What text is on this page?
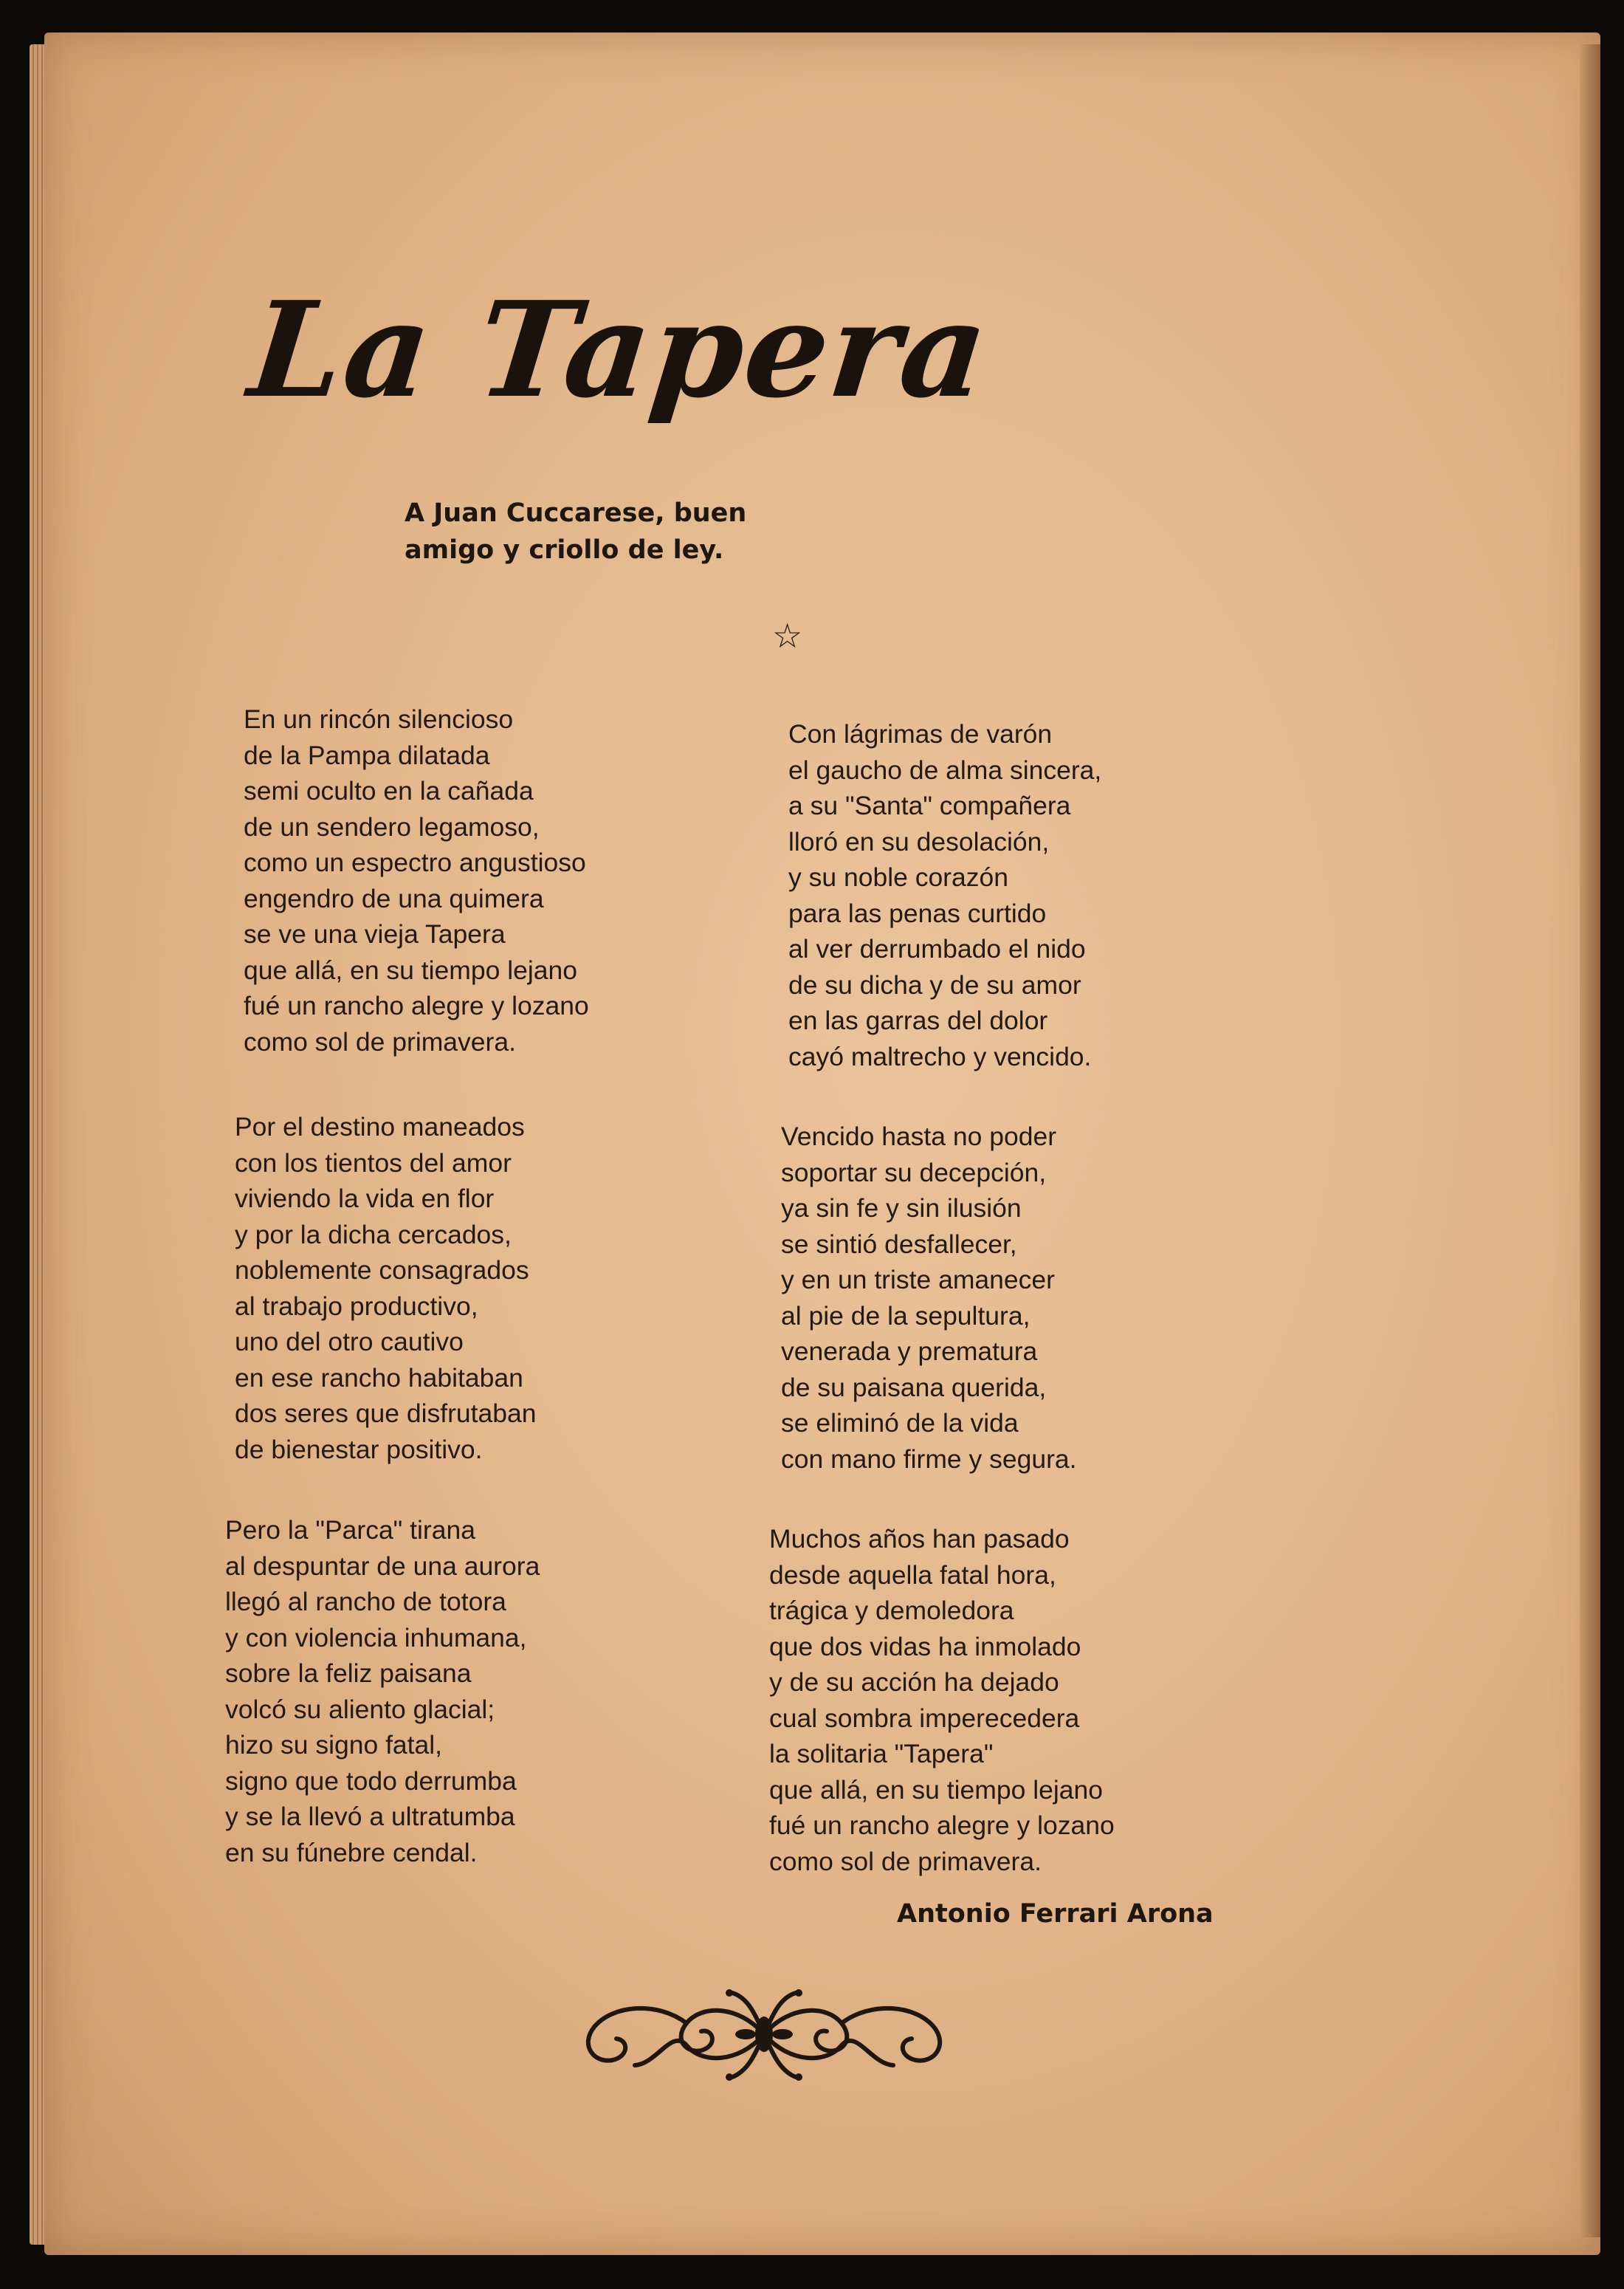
La Tapera
A Juan Cuccarese, buen
amigo y criollo de ley.
☆
En un rincón silencioso
de la Pampa dilatada
semi oculto en la cañada
de un sendero legamoso,
como un espectro angustioso
engendro de una quimera
se ve una vieja Tapera
que allá, en su tiempo lejano
fué un rancho alegre y lozano
como sol de primavera.
Por el destino maneados
con los tientos del amor
viviendo la vida en flor
y por la dicha cercados,
noblemente consagrados
al trabajo productivo,
uno del otro cautivo
en ese rancho habitaban
dos seres que disfrutaban
de bienestar positivo.
Pero la "Parca" tirana
al despuntar de una aurora
llegó al rancho de totora
y con violencia inhumana,
sobre la feliz paisana
volcó su aliento glacial;
hizo su signo fatal,
signo que todo derrumba
y se la llevó a ultratumba
en su fúnebre cendal.
Con lágrimas de varón
el gaucho de alma sincera,
a su "Santa" compañera
lloró en su desolación,
y su noble corazón
para las penas curtido
al ver derrumbado el nido
de su dicha y de su amor
en las garras del dolor
cayó maltrecho y vencido.
Vencido hasta no poder
soportar su decepción,
ya sin fe y sin ilusión
se sintió desfallecer,
y en un triste amanecer
al pie de la sepultura,
venerada y prematura
de su paisana querida,
se eliminó de la vida
con mano firme y segura.
Muchos años han pasado
desde aquella fatal hora,
trágica y demoledora
que dos vidas ha inmolado
y de su acción ha dejado
cual sombra imperecedera
la solitaria "Tapera"
que allá, en su tiempo lejano
fué un rancho alegre y lozano
como sol de primavera.
Antonio Ferrari Arona
